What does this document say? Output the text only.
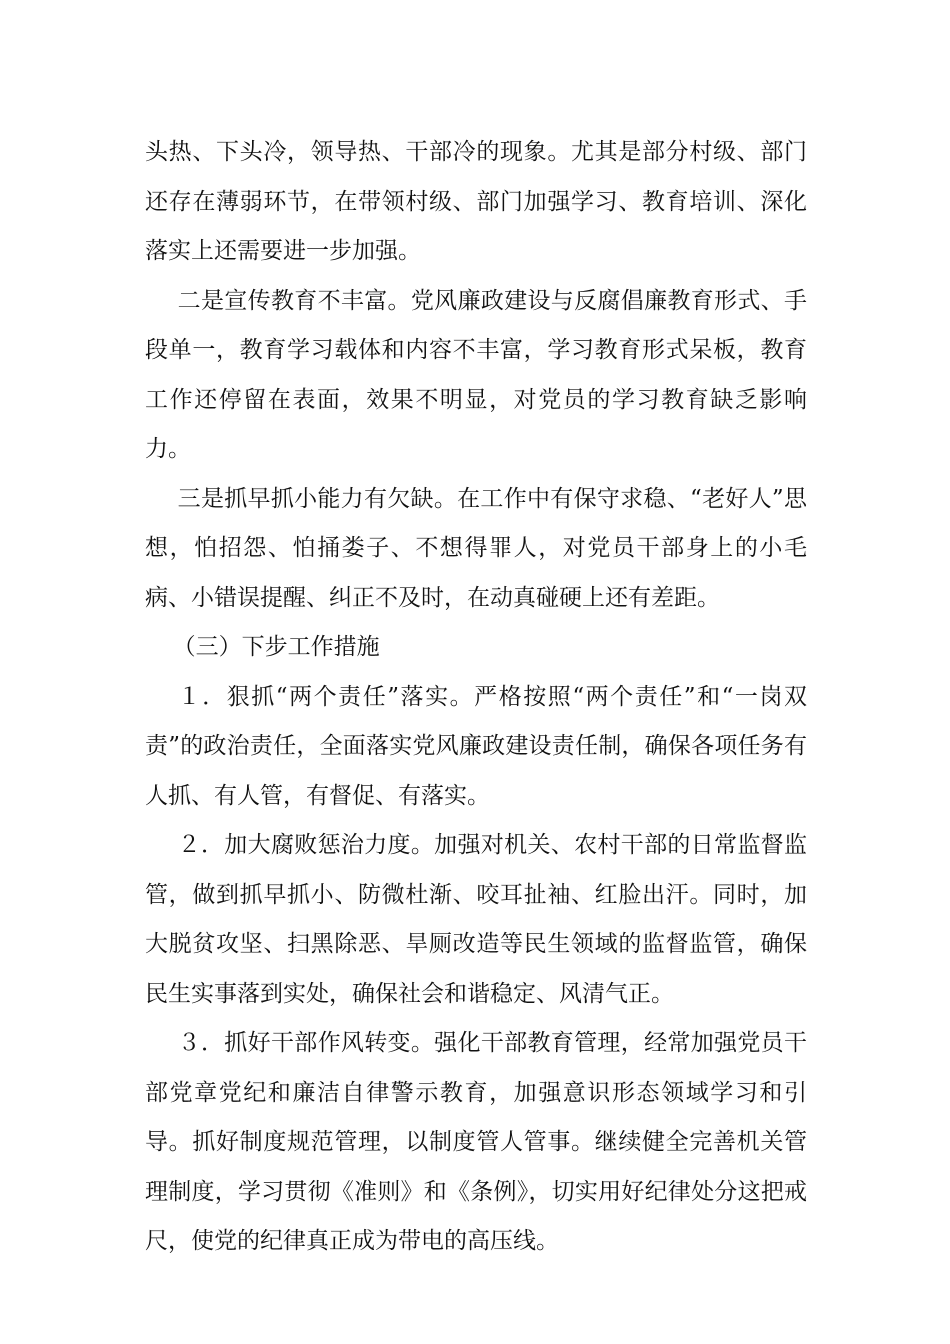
头热、下头冷，领导热、干部冷的现象。尤其是部分村级、部门还存在薄弱环节，在带领村级、部门加强学习、教育培训、深化落实上还需要进一步加强。

二是宣传教育不丰富。党风廉政建设与反腐倡廉教育形式、手段单一，教育学习载体和内容不丰富，学习教育形式呆板，教育工作还停留在表面，效果不明显，对党员的学习教育缺乏影响力。

三是抓早抓小能力有欠缺。在工作中有保守求稳、“老好人”思想，怕招怨、怕捅娄子、不想得罪人，对党员干部身上的小毛病、小错误提醒、纠正不及时，在动真碰硬上还有差距。

（三）下步工作措施

１．狠抓“两个责任”落实。严格按照“两个责任”和“一岗双责”的政治责任，全面落实党风廉政建设责任制，确保各项任务有人抓、有人管，有督促、有落实。

２．加大腐败惩治力度。加强对机关、农村干部的日常监督监管，做到抓早抓小、防微杜渐、咬耳扯袖、红脸出汗。同时，加大脱贫攻坚、扫黑除恶、旱厕改造等民生领域的监督监管，确保民生实事落到实处，确保社会和谐稳定、风清气正。

３．抓好干部作风转变。强化干部教育管理，经常加强党员干部党章党纪和廉洁自律警示教育，加强意识形态领域学习和引导。抓好制度规范管理，以制度管人管事。继续健全完善机关管理制度，学习贯彻《准则》和《条例》，切实用好纪律处分这把戒尺，使党的纪律真正成为带电的高压线。
